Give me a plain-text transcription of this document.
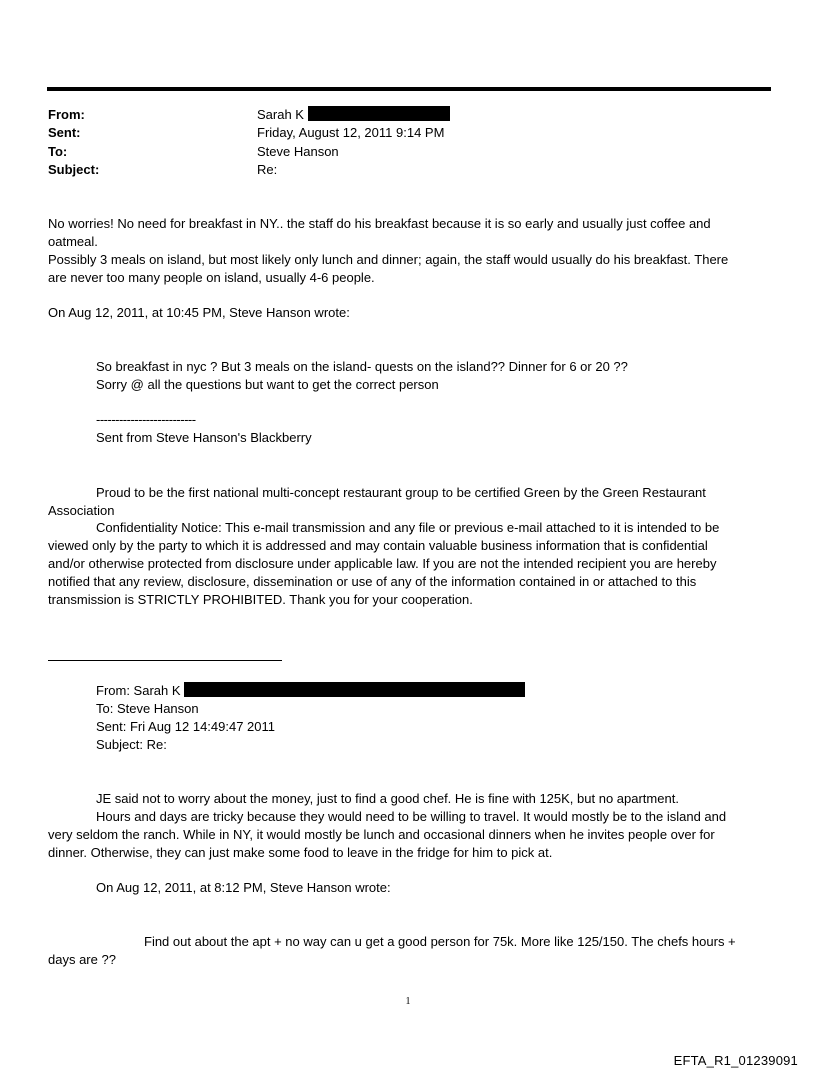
From:	Sarah K
Sent:	Friday, August 12, 2011 9:14 PM
To:	Steve Hanson
Subject:	Re:
No worries! No need for breakfast in NY.. the staff do his breakfast because it is so early and usually just coffee and
oatmeal.
Possibly 3 meals on island, but most likely only lunch and dinner; again, the staff would usually do his breakfast. There
are never too many people on island, usually 4-6 people.
On Aug 12, 2011, at 10:45 PM, Steve Hanson wrote:
So breakfast in nyc ? But 3 meals on the island- quests on the island?? Dinner for 6 or 20 ??
Sorry @ all the questions but want to get the correct person
--------------------------
Sent from Steve Hanson's Blackberry
Proud to be the first national multi-concept restaurant group to be certified Green by the Green Restaurant
Association
Confidentiality Notice: This e-mail transmission and any file or previous e-mail attached to it is intended to be
viewed only by the party to which it is addressed and may contain valuable business information that is confidential
and/or otherwise protected from disclosure under applicable law. If you are not the intended recipient you are hereby
notified that any review, disclosure, dissemination or use of any of the information contained in or attached to this
transmission is STRICTLY PROHIBITED. Thank you for your cooperation.
From: Sarah K
To: Steve Hanson
Sent: Fri Aug 12 14:49:47 2011
Subject: Re:
JE said not to worry about the money, just to find a good chef. He is fine with 125K, but no apartment.
Hours and days are tricky because they would need to be willing to travel. It would mostly be to the island and
very seldom the ranch. While in NY, it would mostly be lunch and occasional dinners when he invites people over for
dinner. Otherwise, they can just make some food to leave in the fridge for him to pick at.
On Aug 12, 2011, at 8:12 PM, Steve Hanson wrote:
Find out about the apt + no way can u get a good person for 75k. More like 125/150. The chefs hours +
days are ??
1
EFTA_R1_01239091
